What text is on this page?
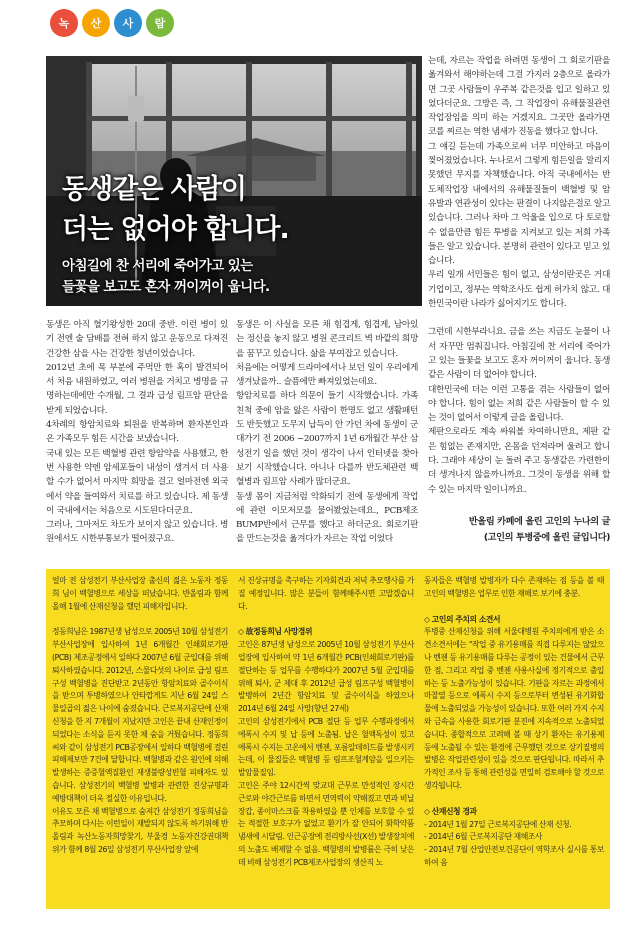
녹	산	사	람
동생같은 사람이
더는 없어야 합니다.
아침길에 찬 서리에 죽어가고 있는
들꽃을 보고도 혼자 꺼이꺼이 웁니다.

동생은 아직 혈기왕성한 20대 중반. 이런 병이 있기 전엔 술 담배를 전혀 하지 않고 운동으로 다져진 건강한 삼을 사는 건강한 청년이었습니다.

2012년 초에 목 부분에 주먹만 한 혹이 발견되어서 처음 내원하였고, 여러 병원을 거치고 병명을 규명하는데에만 수개월, 그 결과 급성 림프암 판단을 받게 되었습니다.

4차례의 항암치료와 퇴원을 반복하며 환자본인과 온 가족모두 힘든 시간을 보냈습니다.

국내 있는 모든 백혈병 관련 항암약을 사용했고, 한번 사용한 약엔 암세포들이 내성이 생겨서 더 사용할 수가 없어서 마지막 희망을 걸고 얼마전엔 외국에서 약을 들여와서 치료를 하고 있습니다. 제 동생이 국내에서는 처음으로 시도된다더군요.

그러나, 그마저도 차도가 보이지 않고 있습니다. 병원에서도 시한부통보가 떨어졌구요.

동생은 이 사실을 모른 채 힘겹게, 힘겹게, 남아있는 정신을 놓지 않고 병원 콘크리트 벽 바깥의 희망을 꿈꾸고 있습니다. 삶을 부여잡고 있습니다.

처음에는 어떻게 드라마에서나 보던 일이 우리에게 생겨났을까.. 슬픔에만 빠져있었는데요.

항암치료를 하다 의문이 들기 시작했습니다. 가족 친척 중에 암을 앓은 사람이 한명도 없고 생활패턴도 반듯했고 도무지 납득이 안 가던 차에 동생이 군대가기 전 2006 ~2007까지 1년 6개월간 부산 삼성전기 일을 했던 것이 생각이 나서 인터넷을 찾아보기 시작했습니다. 아니나 다를까 반도체관련 백혈병과 림프암 사례가 많더군요.

동생 몸이 지금처럼 악화되기 전에 동생에게 작업에 관련 이모저모를 물어봤었는데요., PCB제조 BUMP반에서 근무를 했다고 하더군요. 회로기판을 만드는것을 옮겨다가 자르는 작업 이었다

는데, 자르는 작업을 하려면 동생이 그 회로기판을 옮겨와서 해야하는데 그걸 가지러 2층으로 올라가면 그곳 사람들이 우주복 같은것을 입고 일하고 있었다더군요. 그방은 즉, 그 작업장이 유해물질관련 작업장임을 의미 하는 거겠지요. 그곳만 올라가면 코를 찌르는 역한 냄새가 진동을 했다고 합니다.

그 얘길 듣는데 가족으로써 너무 미안하고 마음이 찢어졌었습니다. 누나로서 그렇게 힘든일을 말리지 못했던 무지를 자책했습니다. 아직 국내에서는 반도체작업장 내에서의 유해물질들이 백혈병 및 암 유발과 연관성이 있다는 판결이 나지않은걸로 알고 있습니다. 그러나 차마 그 억울을 입으로 다 토로할 수 없을만큼 힘든 투병을 지켜보고 있는 저희 가족들은 알고 있습니다. 분명히 관련이 있다고 믿고 있습니다.

우리 일개 서민들은 힘이 없고, 삼성이란곳은 거대기업이고, 정부는 역학조사도 쉽게 허가치 않고. 대한민국이란 나라가 싫어지기도 합니다.

그런데 시한부라니요. 금을 쓰는 지금도 눈물이 나서 자꾸만 멈춰집니다. 아침길에 찬 서리에 죽어가고 있는 들꽃을 보고도 혼자 꺼이꺼이 웁니다. 동생같은 사람이 더 없어야 합니다.

대한민국에 더는 이런 고통을 겪는 사람들이 없어야 합니다. 힘이 없는 저희 같은 사람들이 할 수 있는 것이 없어서 이렇게 글을 올립니다.

제판으로라도 계속 싸워볼 차여하니만요, 제판 같은 힘없는 존재지만, 온몸을 던져라며 울려고 합니다. 그래야 세상이 눈 돌려 주고 동생같은 가련한이 더 생겨나지 않을까니까요. 그것이 동생을 위해 할 수 있는 마지막 일이니까요.

반올림 카페에 올린 고인의 누나의 글
(고인의 투병중에 올린 글입니다)

얼마 전 삼성전기 부산사업장 출신의 젊은 노동자 정동희 님이 백혈병으로 세상을 떠났습니다. 반올림과 함께 올해 1월에 산재신청을 했던 피해자입니다.

정동희님은 1987년생 남성으로 2005년 10월 삼성전기 부산사업장에 입사하여 1년 6개월간 인쇄회로기판(PCB) 제조공정에서 일하다 2007년 6월 군입대를 위해 퇴사하였습니다. 2012년, 스물다섯의 나이로 급성 림프구성 백혈병을 진단받고 2년동안 항암치료와 골수이식을 받으며 투병하였으나 안타깝게도 지난 6월 24일 스물일곱의 젊은 나이에 숨졌습니다. 근로복지공단에 산재신청을 한 지 7개월이 지났지만 고인은 끝내 산재인정이 되었다는 소식을 듣지 못한 채 숨을 거뒀습니다. 정동희 씨와 같이 삼성전기 PCB공장에서 일하다 백혈병에 걸린 피해제보만 7건에 달합니다. 백혈병과 같은 원인에 의해 발생하는 증증혈액질환인 재생불량성빈혈 피해자도 있습니다. 삼성전기의 백혈병 발병과 관련한 진상규명과 예방대책이 더욱 절실한 이유입니다.

이유도 모른 채 백혈병으로 숨져간 삼성전기 정동희님을 추모하며 다시는 이런일이 재발되지 않도록 하기위해 반올림과 녹산노동자희망찾기, 부울경 노동자건강권대책위가 함께 8월 26일 삼성전기 부산사업장 앞에

서 진상규명을 촉구하는 기자회견과 저녁 추모행사를 가질 예정입니다. 많은 분들이 함께해주시면 고맙겠습니다.

◇ 故정동희님 사망경위

고인은 87년생 남성으로 2005년 10월 삼성전기 부산사업장에 입사하여 약 1년 6개월간 PCB(인쇄회로기판)를 절단하는 등 업무를 수행하다가 2007년 5월 군입대를 위해 퇴사, 군 제대 후 2012년 급성 림프구성 백혈병이 발병하여 2년간 항암치료 및 골수이식을 하였으나 2014년 6월 24일 사망(향년 27세)

고인의 삼성전기에서 PCB 절단 등 업무 수행과정에서 에폭시 수지 및 납 등에 노출됨. 납은 혈액독성이 있고 에폭시 수지는 고온에서 벤젠, 포름알데히드를 발생시키는데, 이 물질들은 백혈병 등 림프조혈계암을 일으키는 발암물질임.

고인은 주야 12시간씩 맞교대 근무로 만성적인 장시간 근로와 야간근로를 하면서 면역력이 약해졌고 면과 비닐장갑, 종이마스크를 착용하였을 뿐 인체를 보호할 수 있는 적절한 보호구가 없었고 환기가 잘 안되어 화학약품 냄새에 시달림. 인근공장에 전리방사선(X선) 발생장치에의 노출도 배제할 수 없음. 백혈병의 발병률은 극히 낮은데 비해 삼성전기 PCB제조사업장의 생산직 노

동자들은 백혈병 발병자가 다수 존재하는 점 등을 볼 때 고인의 백혈병은 업무로 인한 재해로 보기에 충분.

◇ 고인의 주치의 소견서

투병중 산재신청을 위해 서울대병원 주치의에게 받은 소견소견서에는 "작업 중 유기용매를 직접 다루지는 않았으나 벤젠 등 유기용매를 다루는 공정이 있는 건물에서 근무한 점, 그리고 작업 중 벤젠 사용사실에 정기적으로 출입하는 등 노출가능성이 있습니다. 기판을 자르는 과정에서 마찰열 등으로 에폭시 수지 등으로부터 변성된 유기화합물에 노출되었을 가능성이 있습니다. 또한 여러 가지 수지와 금속을 사용한 회로기판 분진에 지속적으로 노출되었습니다. 종합적으로 고려해 볼 때 상기 환자는 유기용제 등에 노출될 수 있는 환경에 근무했던 것으로 상기질병의 발병은 작업관련성이 있을 것으로 판단됩니다. 따라서 추가적인 조사 등 통해 관련성을 면밀히 검토해야 할 것으로 생각됩니다.

◇ 산재신청 경과

- 2014년 1월 27일 근로복지공단에 산재 신청.

- 2014년 6월 근로복지공단 재해조사

- 2014년 7월 산업안전보건공단이 역학조사 실시를 통보하여 옴
